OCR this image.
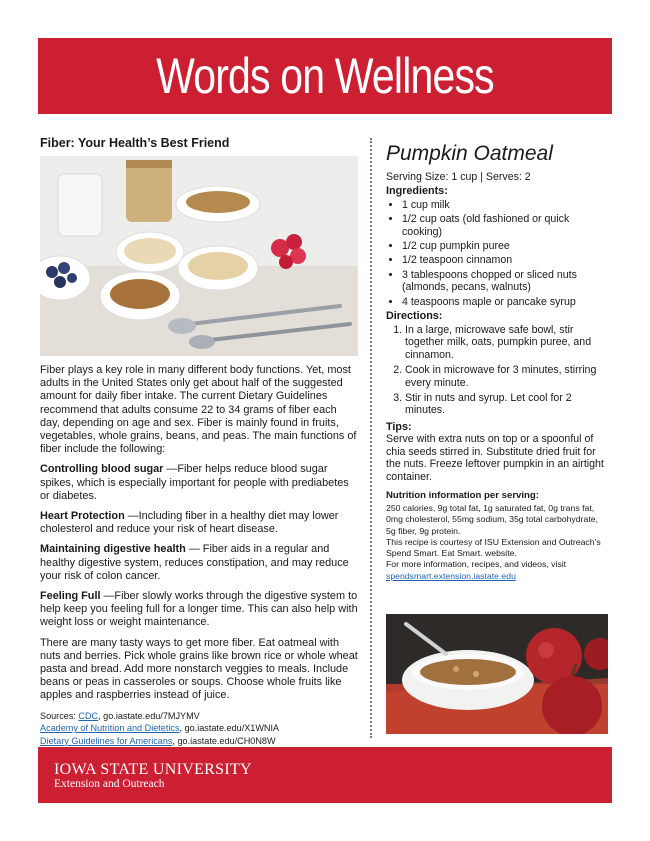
Words on Wellness
Fiber: Your Health’s Best Friend

Fiber plays a key role in many different body functions. Yet, most adults in the United States only get about half of the suggested amount for daily fiber intake. The current Dietary Guidelines recommend that adults consume 22 to 34 grams of fiber each day, depending on age and sex. Fiber is mainly found in fruits, vegetables, whole grains, beans, and peas. The main functions of fiber include the following:

Controlling blood sugar —Fiber helps reduce blood sugar spikes, which is especially important for people with prediabetes or diabetes.

Heart Protection —Including fiber in a healthy diet may lower cholesterol and reduce your risk of heart disease.

Maintaining digestive health — Fiber aids in a regular and healthy digestive system, reduces constipation, and may reduce your risk of colon cancer.

Feeling Full —Fiber slowly works through the digestive system to help keep you feeling full for a longer time. This can also help with weight loss or weight maintenance.

There are many tasty ways to get more fiber. Eat oatmeal with nuts and berries. Pick whole grains like brown rice or whole wheat pasta and bread. Add more nonstarch veggies to meals. Include beans or peas in casseroles or soups. Choose whole fruits like apples and raspberries instead of juice.

Sources: CDC, go.iastate.edu/7MJYMV
Academy of Nutrition and Dietetics, go.iastate.edu/X1WNIA
Dietary Guidelines for Americans, go.iastate.edu/CH0N8W
Pumpkin Oatmeal
Serving Size: 1 cup | Serves: 2
Ingredients:
• 1 cup milk
• 1/2 cup oats (old fashioned or quick cooking)
• 1/2 cup pumpkin puree
• 1/2 teaspoon cinnamon
• 3 tablespoons chopped or sliced nuts (almonds, pecans, walnuts)
• 4 teaspoons maple or pancake syrup
Directions:
1. In a large, microwave safe bowl, stir together milk, oats, pumpkin puree, and cinnamon.
2. Cook in microwave for 3 minutes, stirring every minute.
3. Stir in nuts and syrup. Let cool for 2 minutes.
Tips:
Serve with extra nuts on top or a spoonful of chia seeds stirred in. Substitute dried fruit for the nuts. Freeze leftover pumpkin in an airtight container.
Nutrition information per serving:
250 calories, 9g total fat, 1g saturated fat, 0g trans fat, 0mg cholesterol, 55mg sodium, 35g total carbohydrate, 5g fiber, 9g protein.
This recipe is courtesy of ISU Extension and Outreach’s Spend Smart. Eat Smart. website.
For more information, recipes, and videos, visit
spendsmart.extension.iastate.edu
IOWA STATE UNIVERSITY
Extension and Outreach
